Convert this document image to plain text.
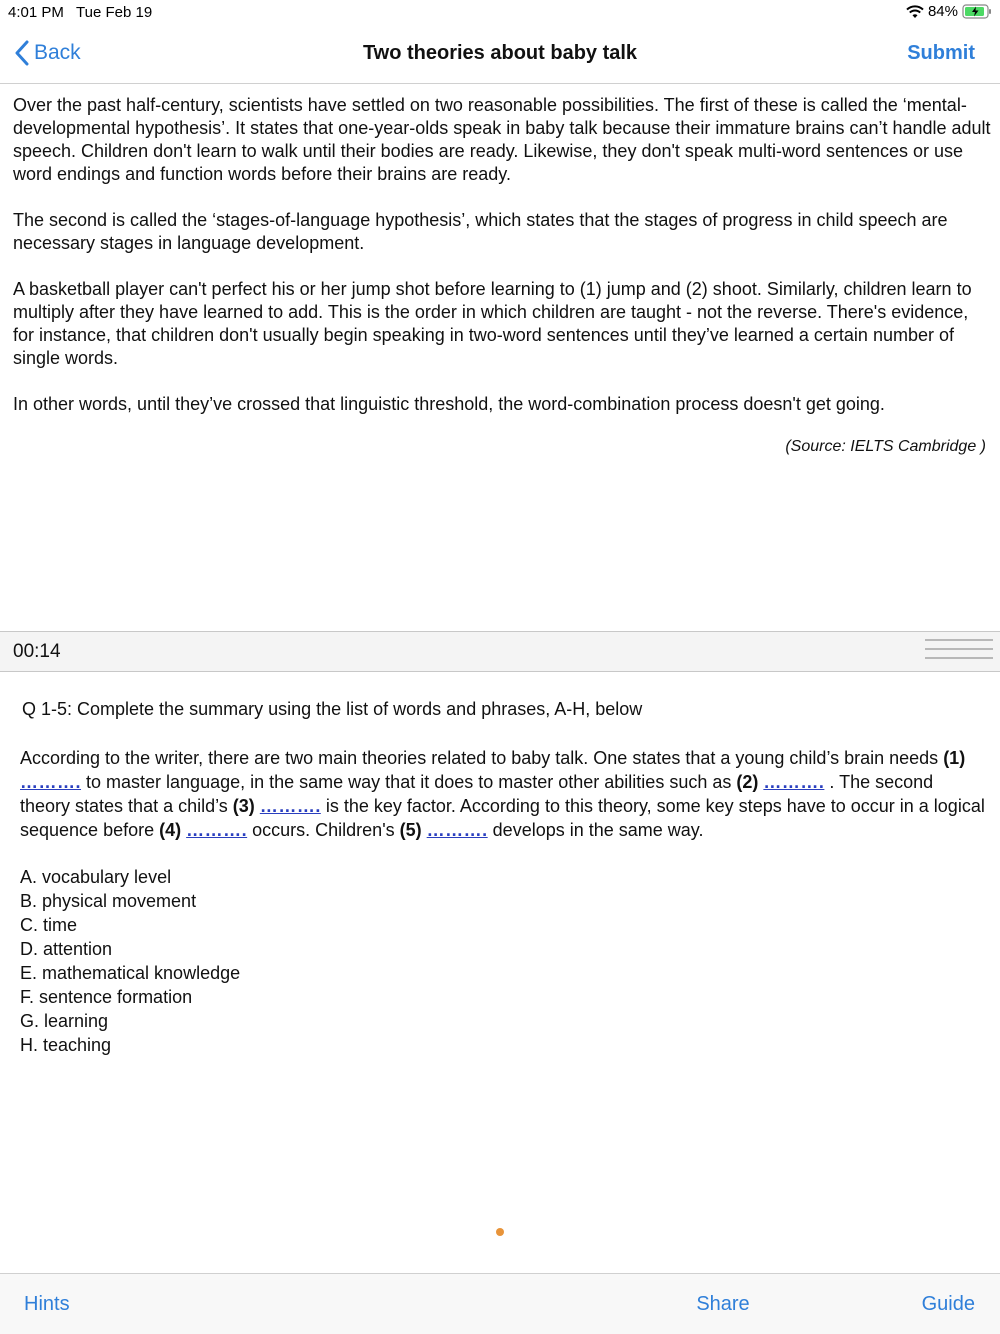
4:01 PM Tue Feb 19	84%
Back	Two theories about baby talk	Submit

Over the past half-century, scientists have settled on two reasonable possibilities. The first of these is called the ‘mental-developmental hypothesis’. It states that one-year-olds speak in baby talk because their immature brains can’t handle adult speech. Children don't learn to walk until their bodies are ready. Likewise, they don't speak multi-word sentences or use word endings and function words before their brains are ready.

The second is called the ‘stages-of-language hypothesis’, which states that the stages of progress in child speech are necessary stages in language development.

A basketball player can't perfect his or her jump shot before learning to (1) jump and (2) shoot. Similarly, children learn to multiply after they have learned to add. This is the order in which children are taught - not the reverse. There's evidence, for instance, that children don't usually begin speaking in two-word sentences until they’ve learned a certain number of single words.

In other words, until they’ve crossed that linguistic threshold, the word-combination process doesn't get going.

(Source: IELTS Cambridge )
00:14
Q 1-5: Complete the summary using the list of words and phrases, A-H, below
According to the writer, there are two main theories related to baby talk. One states that a young child’s brain needs (1) ………. to master language, in the same way that it does to master other abilities such as (2) ………. . The second theory states that a child’s (3) ………. is the key factor. According to this theory, some key steps have to occur in a logical sequence before (4) ………. occurs. Children's (5) ………. develops in the same way.
A. vocabulary level
B. physical movement
C. time
D. attention
E. mathematical knowledge
F. sentence formation
G. learning
H. teaching
Hints	Share	Guide
